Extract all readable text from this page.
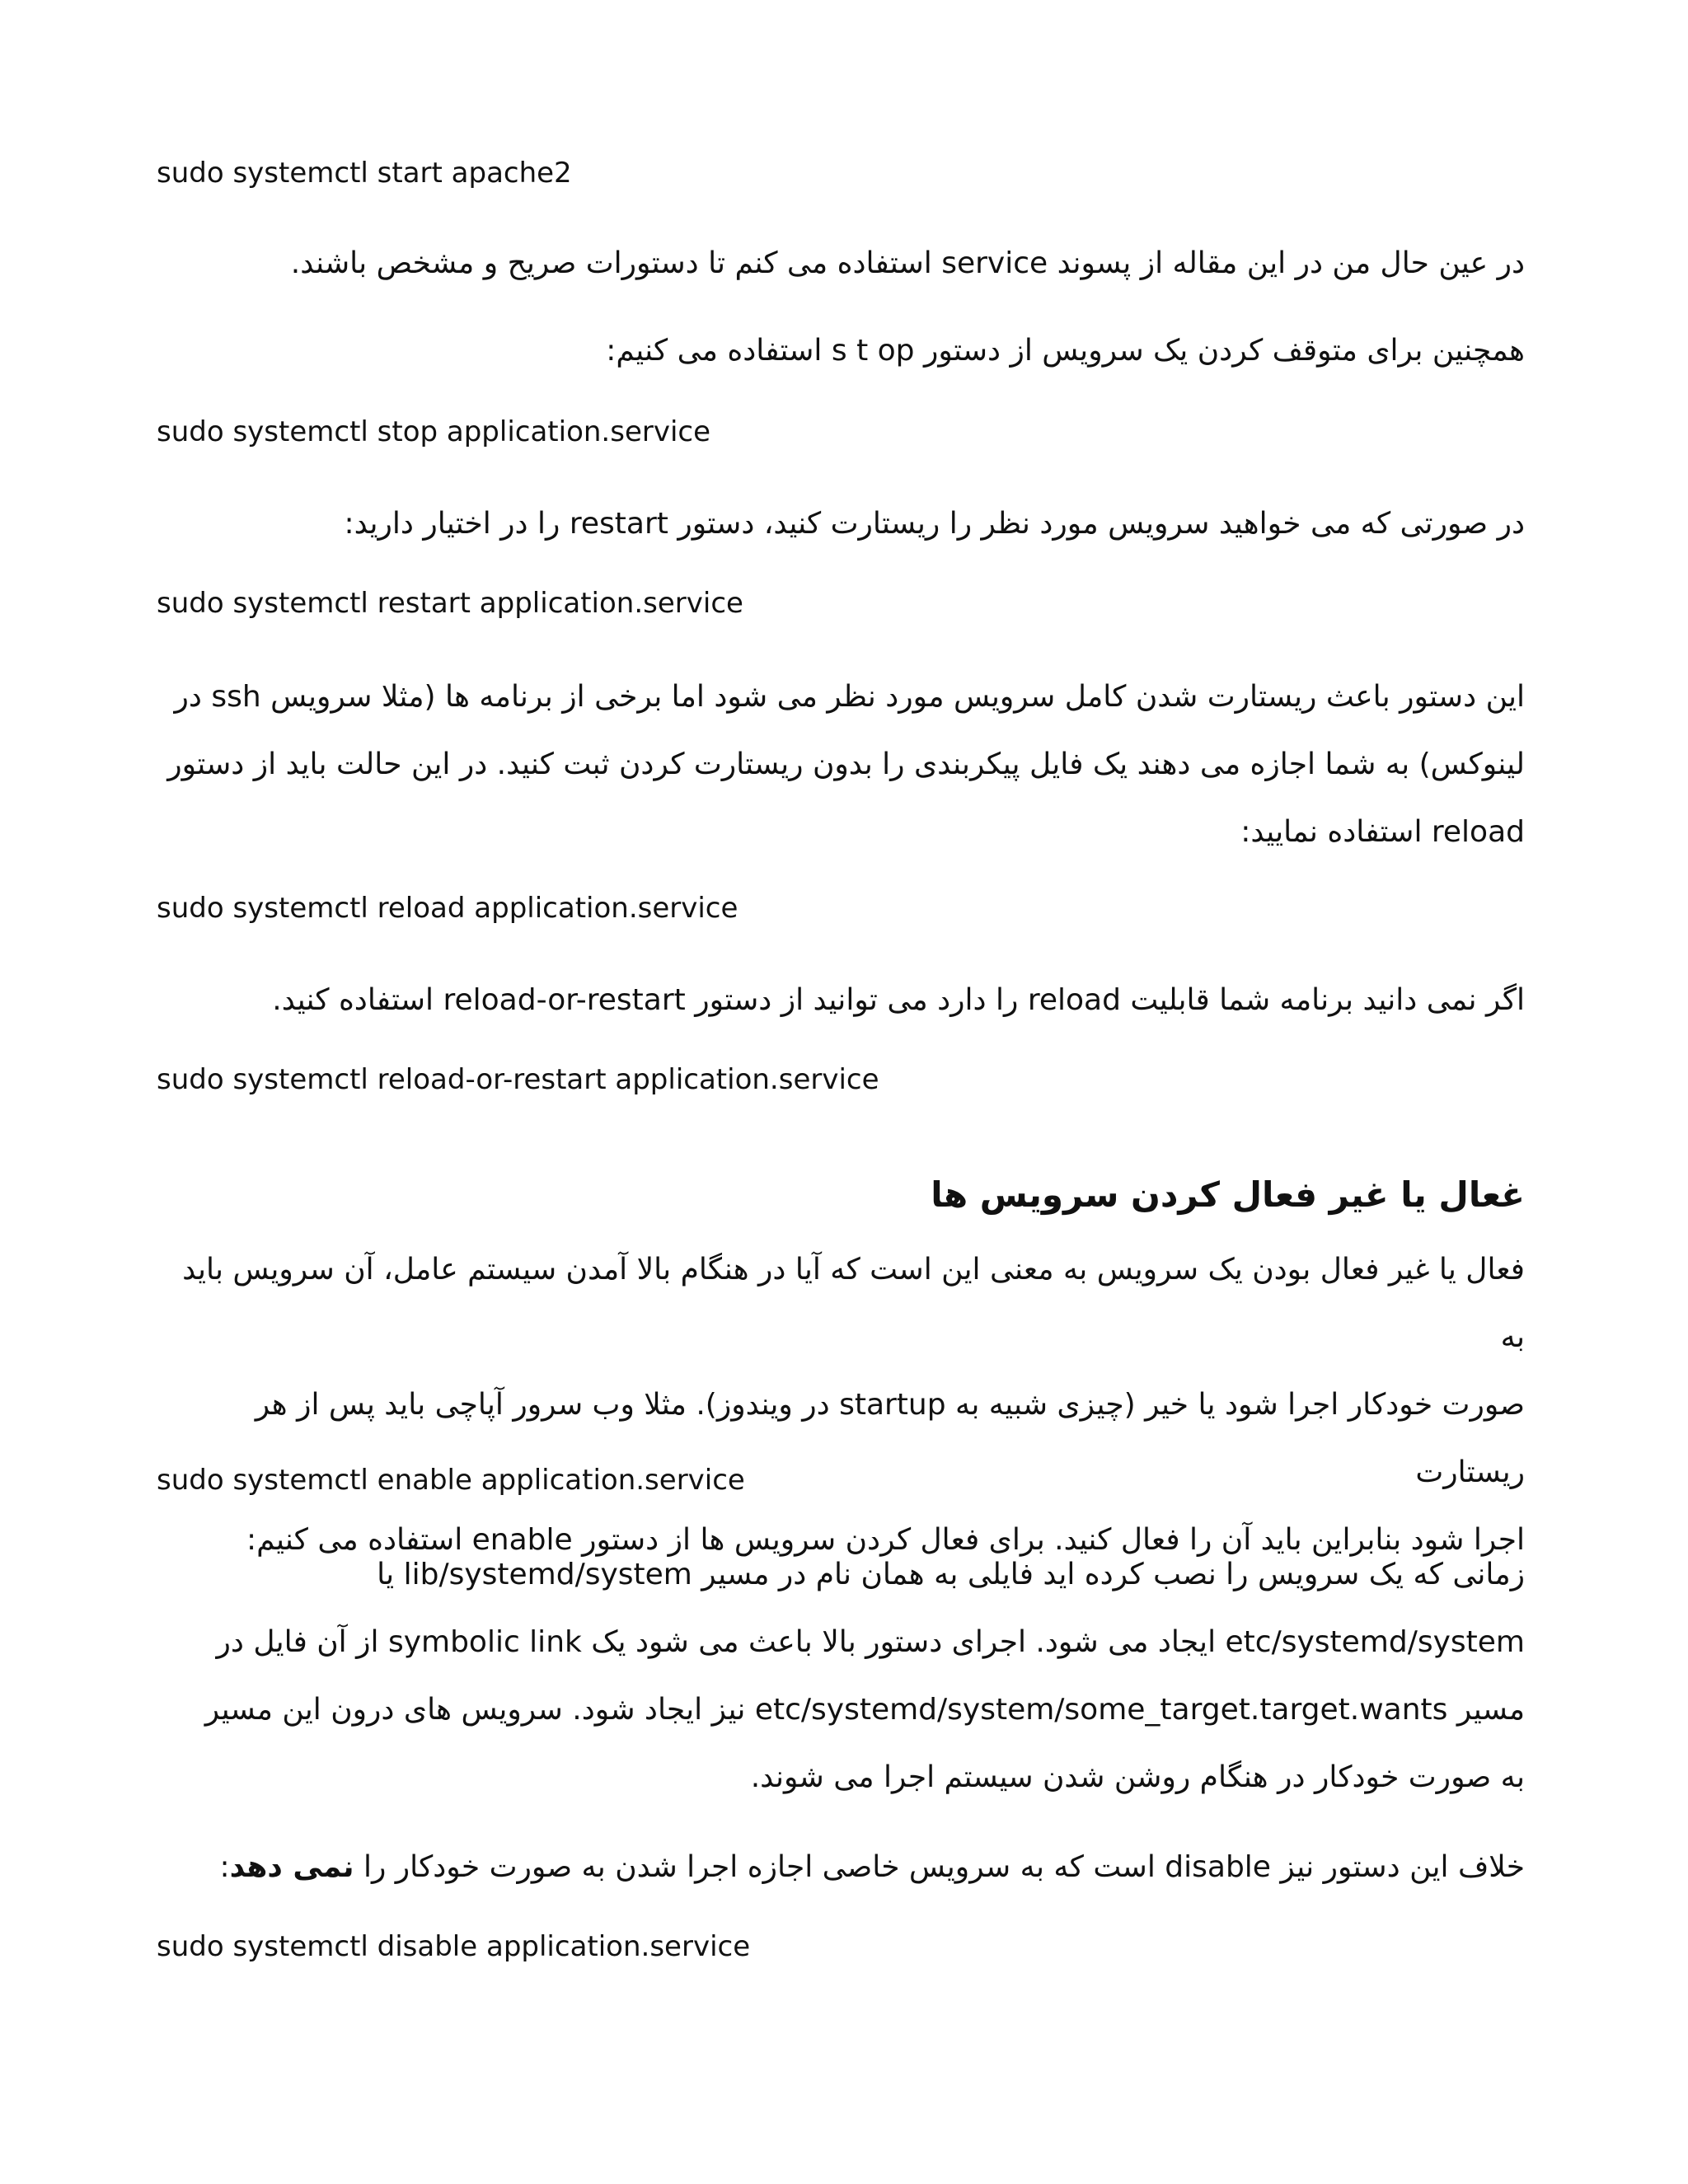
sudo systemctl start apache2
در عین حال من در این مقاله از پسوند service استفاده می کنم تا دستورات صریح و مشخص باشند.
همچنین برای متوقف کردن یک سرویس از دستور s t op استفاده می کنیم:
sudo systemctl stop application.service
در صورتی که می خواهید سرویس مورد نظر را ریستارت کنید، دستور restart را در اختیار دارید:
sudo systemctl restart application.service
این دستور باعث ریستارت شدن کامل سرویس مورد نظر می شود اما برخی از برنامه ها (مثلا سرویس ssh در
لینوکس) به شما اجازه می دهند یک فایل پیکربندی را بدون ریستارت کردن ثبت کنید. در این حالت باید از دستور
reload استفاده نمایید:
sudo systemctl reload application.service
اگر نمی دانید برنامه شما قابلیت reload را دارد می توانید از دستور reload-or-restart استفاده کنید.
sudo systemctl reload-or-restart application.service
غعال یا غیر فعال کردن سرویس ها
فعال یا غیر فعال بودن یک سرویس به معنی این است که آیا در هنگام بالا آمدن سیستم عامل، آن سرویس باید به
صورت خودکار اجرا شود یا خیر (چیزی شبیه به startup در ویندوز). مثلا وب سرور آپاچی باید پس از هر ریستارت
اجرا شود بنابراین باید آن را فعال کنید. برای فعال کردن سرویس ها از دستور enable استفاده می کنیم:
sudo systemctl enable application.service
زمانی که یک سرویس را نصب کرده اید فایلی به همان نام در مسیر lib/systemd/system یا
etc/systemd/system ایجاد می شود. اجرای دستور بالا باعث می شود یک symbolic link از آن فایل در
مسیر etc/systemd/system/some_target.target.wants نیز ایجاد شود. سرویس های درون این مسیر
به صورت خودکار در هنگام روشن شدن سیستم اجرا می شوند.
خلاف این دستور نیز disable است که به سرویس خاصی اجازه اجرا شدن به صورت خودکار را نمی دهد:
sudo systemctl disable application.service
